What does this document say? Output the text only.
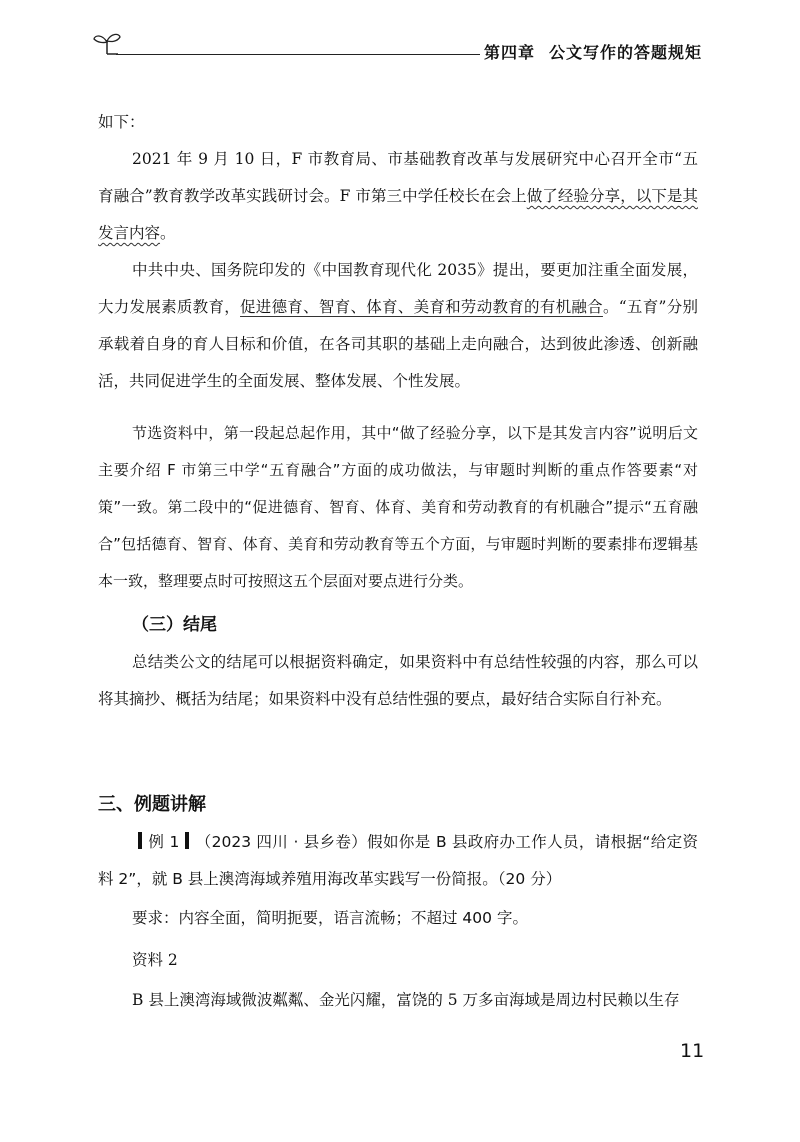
第四章 公文写作的答题规矩

如下：

2021 年 9 月 10 日，F 市教育局、市基础教育改革与发展研究中心召开全市“五育融合”教育教学改革实践研讨会。F 市第三中学任校长在会上做了经验分享，以下是其发言内容。

中共中央、国务院印发的《中国教育现代化 2035》提出，要更加注重全面发展，大力发展素质教育，促进德育、智育、体育、美育和劳动教育的有机融合。“五育”分别承载着自身的育人目标和价值，在各司其职的基础上走向融合，达到彼此渗透、创新融活，共同促进学生的全面发展、整体发展、个性发展。

节选资料中，第一段起总起作用，其中“做了经验分享，以下是其发言内容”说明后文主要介绍 F 市第三中学“五育融合”方面的成功做法，与审题时判断的重点作答要素“对策”一致。第二段中的“促进德育、智育、体育、美育和劳动教育的有机融合”提示“五育融合”包括德育、智育、体育、美育和劳动教育等五个方面，与审题时判断的要素排布逻辑基本一致，整理要点时可按照这五个层面对要点进行分类。

（三）结尾

总结类公文的结尾可以根据资料确定，如果资料中有总结性较强的内容，那么可以将其摘抄、概括为结尾；如果资料中没有总结性强的要点，最好结合实际自行补充。

三、例题讲解

例 1 （2023 四川 · 县乡卷）假如你是 B 县政府办工作人员，请根据“给定资料 2”，就 B 县上澳湾海域养殖用海改革实践写一份简报。（20 分）

要求：内容全面，简明扼要，语言流畅；不超过 400 字。

资料 2

B 县上澳湾海域微波粼粼、金光闪耀，富饶的 5 万多亩海域是周边村民赖以生存

11
